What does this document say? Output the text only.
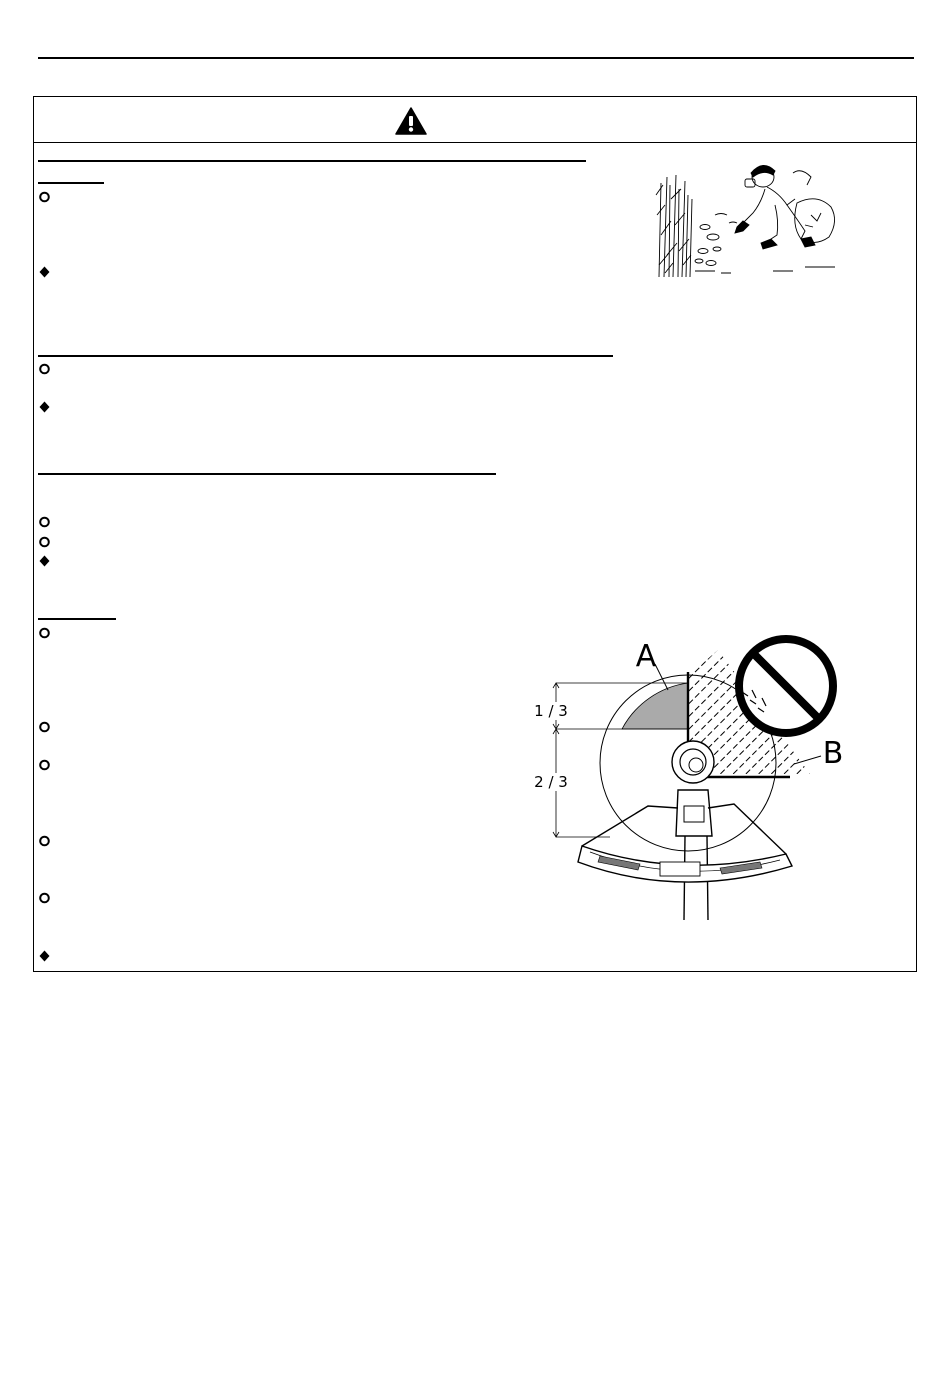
A
B
1 / 3
2 / 3
